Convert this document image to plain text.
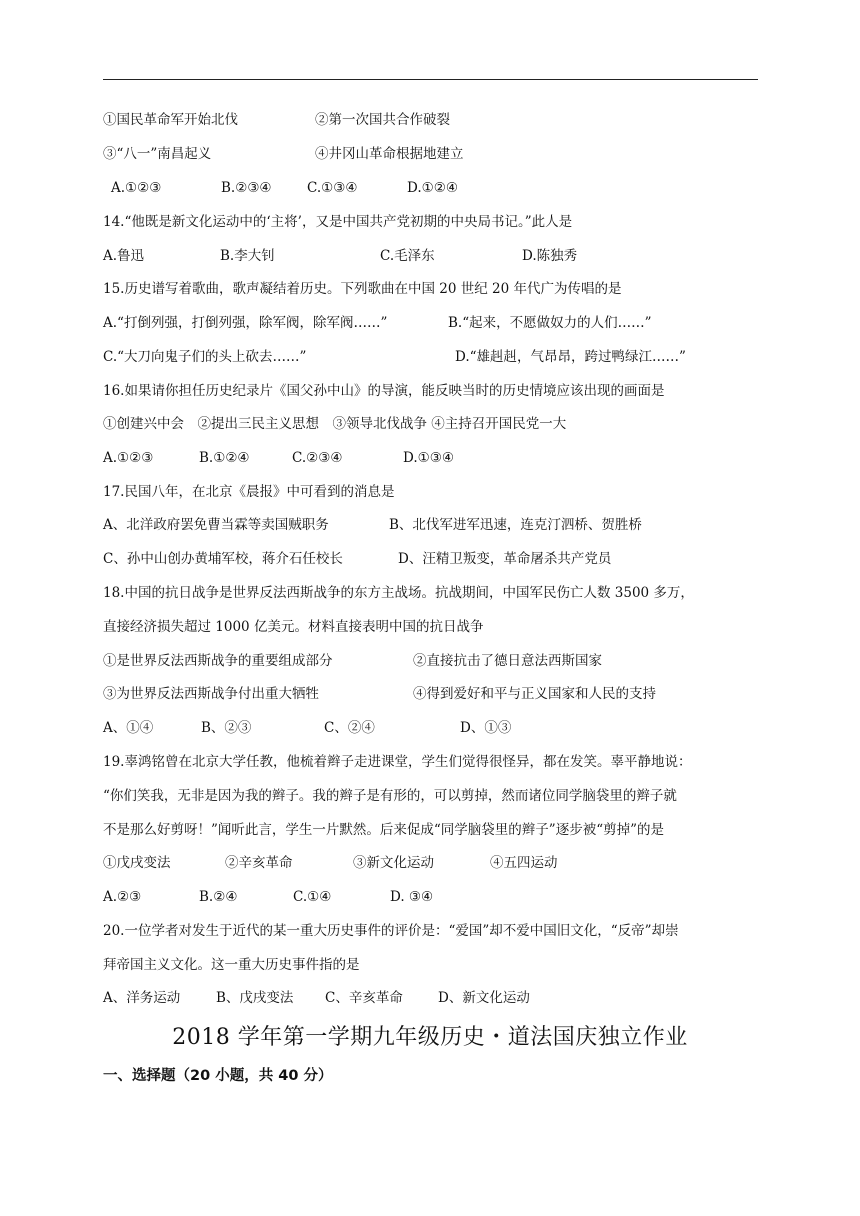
①国民革命军开始北伐	②第一次国共合作破裂
③“八一”南昌起义	④井冈山革命根据地建立
A.①②③	B.②③④	C.①③④	D.①②④
14.“他既是新文化运动中的‘主将’，又是中国共产党初期的中央局书记。”此人是
A.鲁迅	B.李大钊	C.毛泽东	D.陈独秀
15.历史谱写着歌曲，歌声凝结着历史。下列歌曲在中国 20 世纪 20 年代广为传唱的是
A.“打倒列强，打倒列强，除军阀，除军阀……”	B.“起来，不愿做奴力的人们……”
C.“大刀向鬼子们的头上砍去……”	D.“雄赳赳，气昂昂，跨过鸭绿江……”
16.如果请你担任历史纪录片《国父孙中山》的导演，能反映当时的历史情境应该出现的画面是
①创建兴中会　②提出三民主义思想　③领导北伐战争 ④主持召开国民党一大
A.①②③	B.①②④	C.②③④	D.①③④
17.民国八年，在北京《晨报》中可看到的消息是
A、北洋政府罢免曹当霖等卖国贼职务	B、北伐军进军迅速，连克汀泗桥、贺胜桥
C、孙中山创办黄埔军校，蒋介石任校长	D、汪精卫叛变，革命屠杀共产党员
18.中国的抗日战争是世界反法西斯战争的东方主战场。抗战期间，中国军民伤亡人数 3500 多万，
直接经济损失超过 1000 亿美元。材料直接表明中国的抗日战争
①是世界反法西斯战争的重要组成部分	②直接抗击了德日意法西斯国家
③为世界反法西斯战争付出重大牺牲	④得到爱好和平与正义国家和人民的支持
A、①④	B、②③	C、②④	D、①③
19.辜鸿铭曾在北京大学任教，他梳着辫子走进课堂，学生们觉得很怪异，都在发笑。辜平静地说：
“你们笑我，无非是因为我的辫子。我的辫子是有形的，可以剪掉，然而诸位同学脑袋里的辫子就
不是那么好剪呀！”闻听此言，学生一片默然。后来促成“同学脑袋里的辫子”逐步被“剪掉”的是
①戊戌变法	②辛亥革命	③新文化运动	④五四运动
A.②③	B.②④	C.①④	D. ③④
20.一位学者对发生于近代的某一重大历史事件的评价是：“爱国”却不爱中国旧文化，“反帝”却崇
拜帝国主义文化。这一重大历史事件指的是
A、洋务运动	B、戊戌变法 C、辛亥革命	D、新文化运动
2018 学年第一学期九年级历史・道法国庆独立作业
一、选择题（20 小题，共 40 分）
